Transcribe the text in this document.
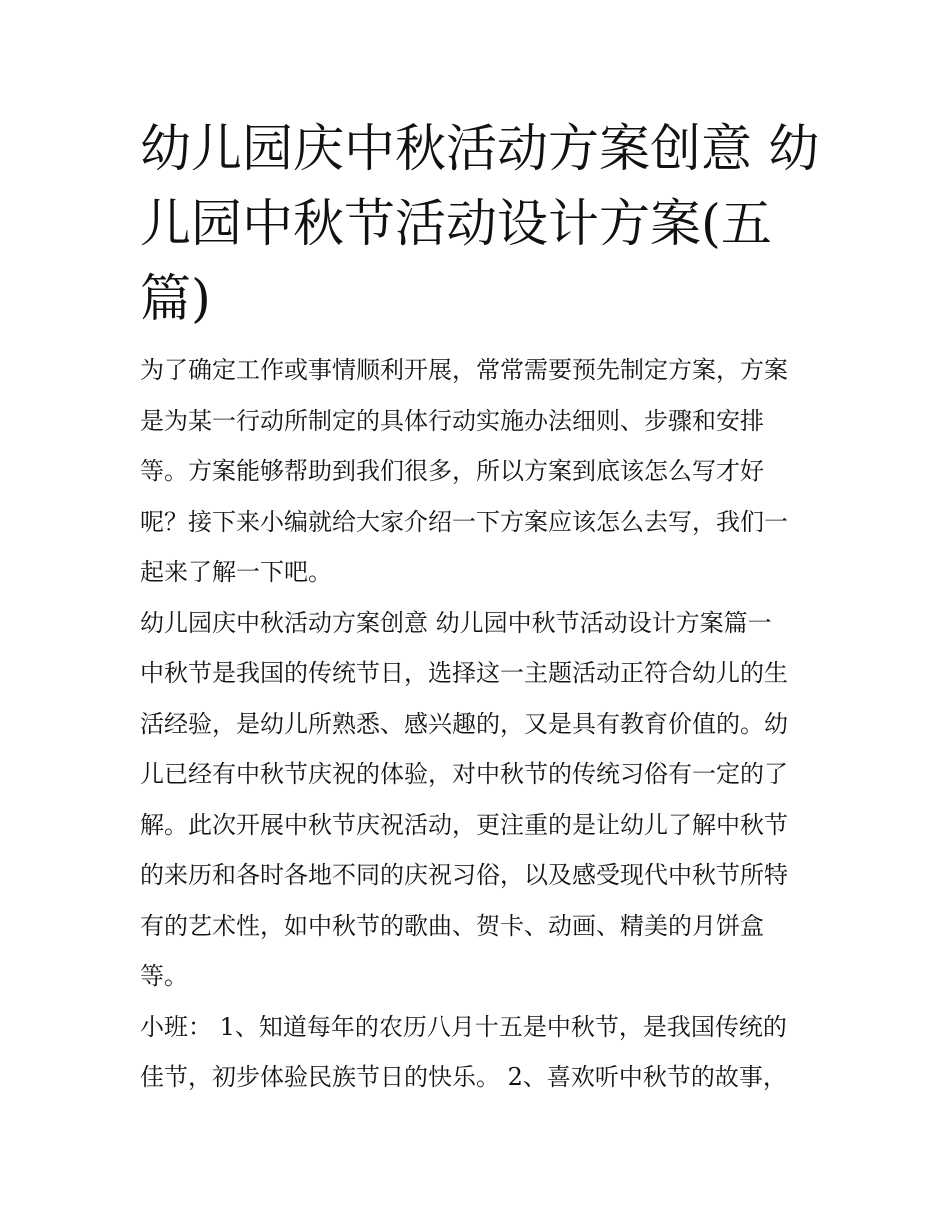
幼儿园庆中秋活动方案创意 幼
儿园中秋节活动设计方案(五
篇)

为了确定工作或事情顺利开展，常常需要预先制定方案，方案
是为某一行动所制定的具体行动实施办法细则、步骤和安排
等。方案能够帮助到我们很多，所以方案到底该怎么写才好
呢？接下来小编就给大家介绍一下方案应该怎么去写，我们一
起来了解一下吧。

幼儿园庆中秋活动方案创意 幼儿园中秋节活动设计方案篇一

中秋节是我国的传统节日，选择这一主题活动正符合幼儿的生
活经验，是幼儿所熟悉、感兴趣的，又是具有教育价值的。幼
儿已经有中秋节庆祝的体验，对中秋节的传统习俗有一定的了
解。此次开展中秋节庆祝活动，更注重的是让幼儿了解中秋节
的来历和各时各地不同的庆祝习俗，以及感受现代中秋节所特
有的艺术性，如中秋节的歌曲、贺卡、动画、精美的月饼盒
等。

小班： 1、知道每年的农历八月十五是中秋节，是我国传统的
佳节，初步体验民族节日的快乐。 2、喜欢听中秋节的故事，
